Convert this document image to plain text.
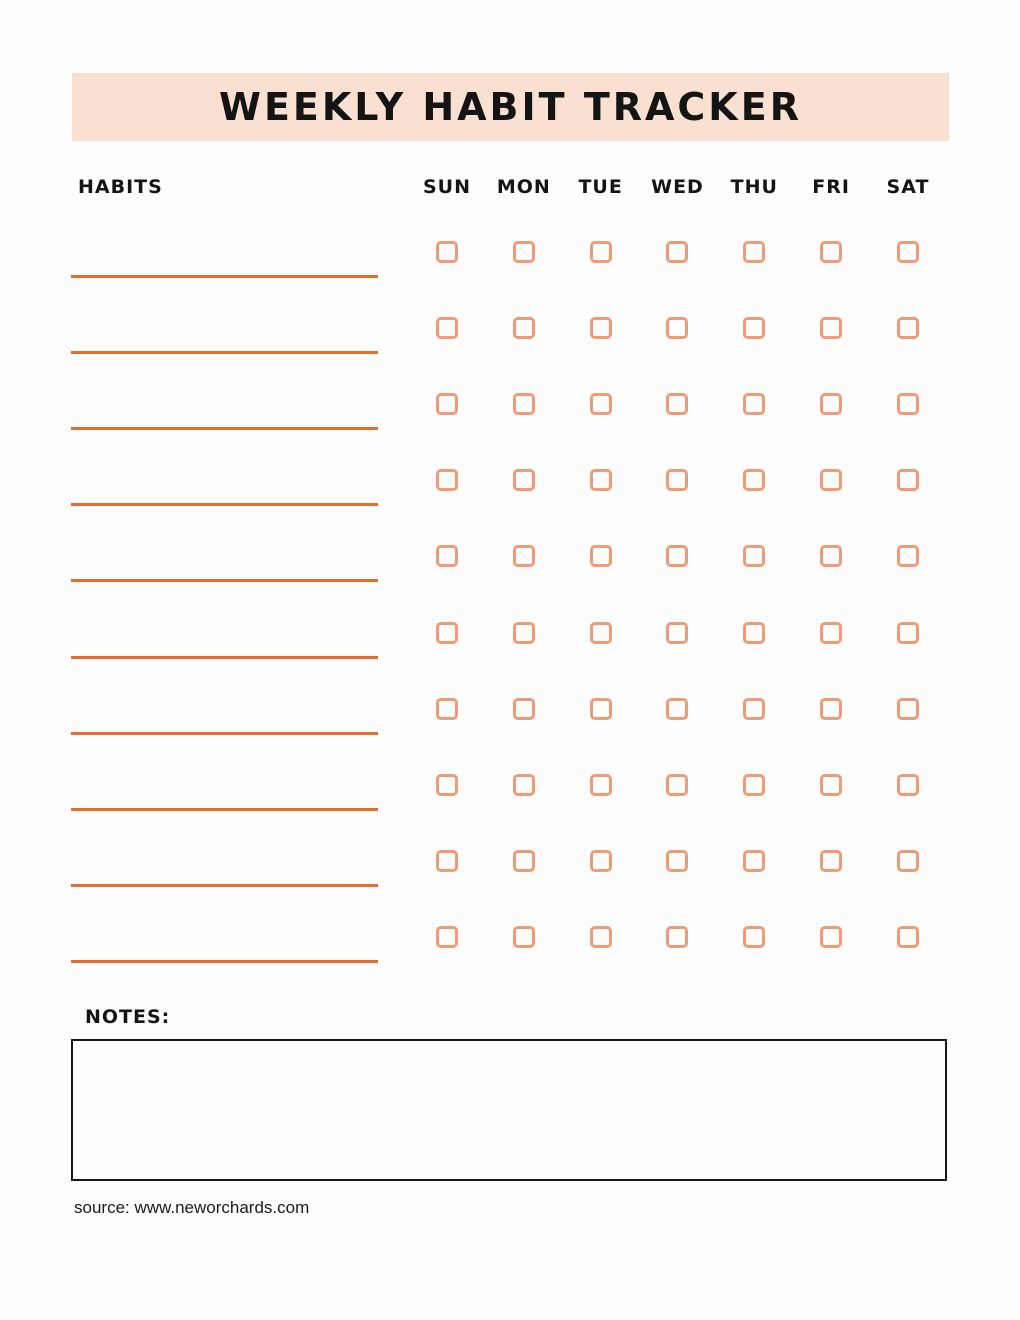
WEEKLY HABIT TRACKER
HABITS	SUN MON TUE WED THU FRI SAT
NOTES:
source: www.neworchards.com
